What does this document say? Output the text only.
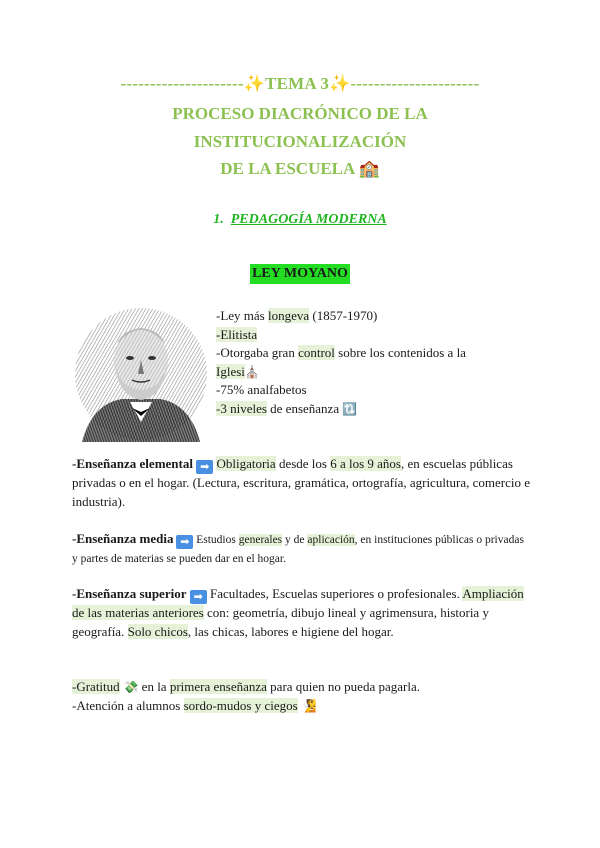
---------------------✨TEMA 3✨----------------------
PROCESO DIACRÓNICO DE LA
INSTITUCIONALIZACIÓN
DE LA ESCUELA 🏫
1. PEDAGOGÍA MODERNA
LEY MOYANO
-Ley más longeva (1857-1970)
-Elitista
-Otorgaba gran control sobre los contenidos a la
Iglesi⛪
-75% analfabetos
-3 niveles de enseñanza 🔃
-Enseñanza elemental ➡ Obligatoria desde los 6 a los 9 años, en escuelas públicas privadas o en el hogar. (Lectura, escritura, gramática, ortografía, agricultura, comercio e industria).
-Enseñanza media ➡ Estudios generales y de aplicación, en instituciones públicas o privadas y partes de materias se pueden dar en el hogar.
-Enseñanza superior ➡ Facultades, Escuelas superiores o profesionales. Ampliación de las materias anteriores con: geometría, dibujo lineal y agrimensura, historia y geografía. Solo chicos, las chicas, labores e higiene del hogar.
-Gratitud 💸 en la primera enseñanza para quien no pueda pagarla.
-Atención a alumnos sordo-mudos y ciegos 🧏
